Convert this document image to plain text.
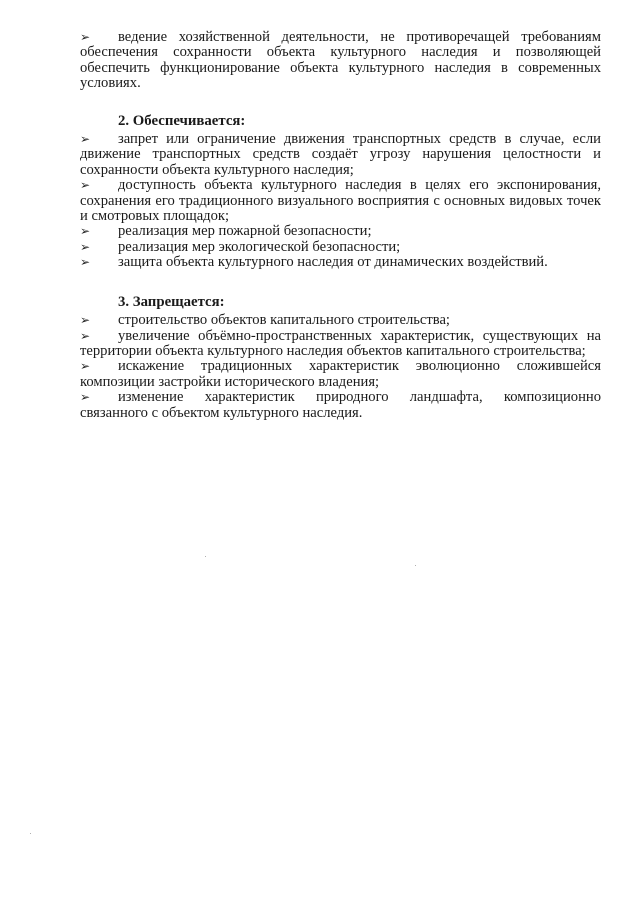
➢ ведение хозяйственной деятельности, не противоречащей требованиям обеспечения сохранности объекта культурного наследия и позволяющей обеспечить функционирование объекта культурного наследия в современных условиях.

2. Обеспечивается:

➢ запрет или ограничение движения транспортных средств в случае, если движение транспортных средств создаёт угрозу нарушения целостности и сохранности объекта культурного наследия;

➢ доступность объекта культурного наследия в целях его экспонирования, сохранения его традиционного визуального восприятия с основных видовых точек и смотровых площадок;

➢ реализация мер пожарной безопасности;

➢ реализация мер экологической безопасности;

➢ защита объекта культурного наследия от динамических воздействий.

3. Запрещается:

➢ строительство объектов капитального строительства;

➢ увеличение объёмно-пространственных характеристик, существующих на территории объекта культурного наследия объектов капитального строительства;

➢ искажение традиционных характеристик эволюционно сложившейся композиции застройки исторического владения;

➢ изменение характеристик природного ландшафта, композиционно связанного с объектом культурного наследия.
